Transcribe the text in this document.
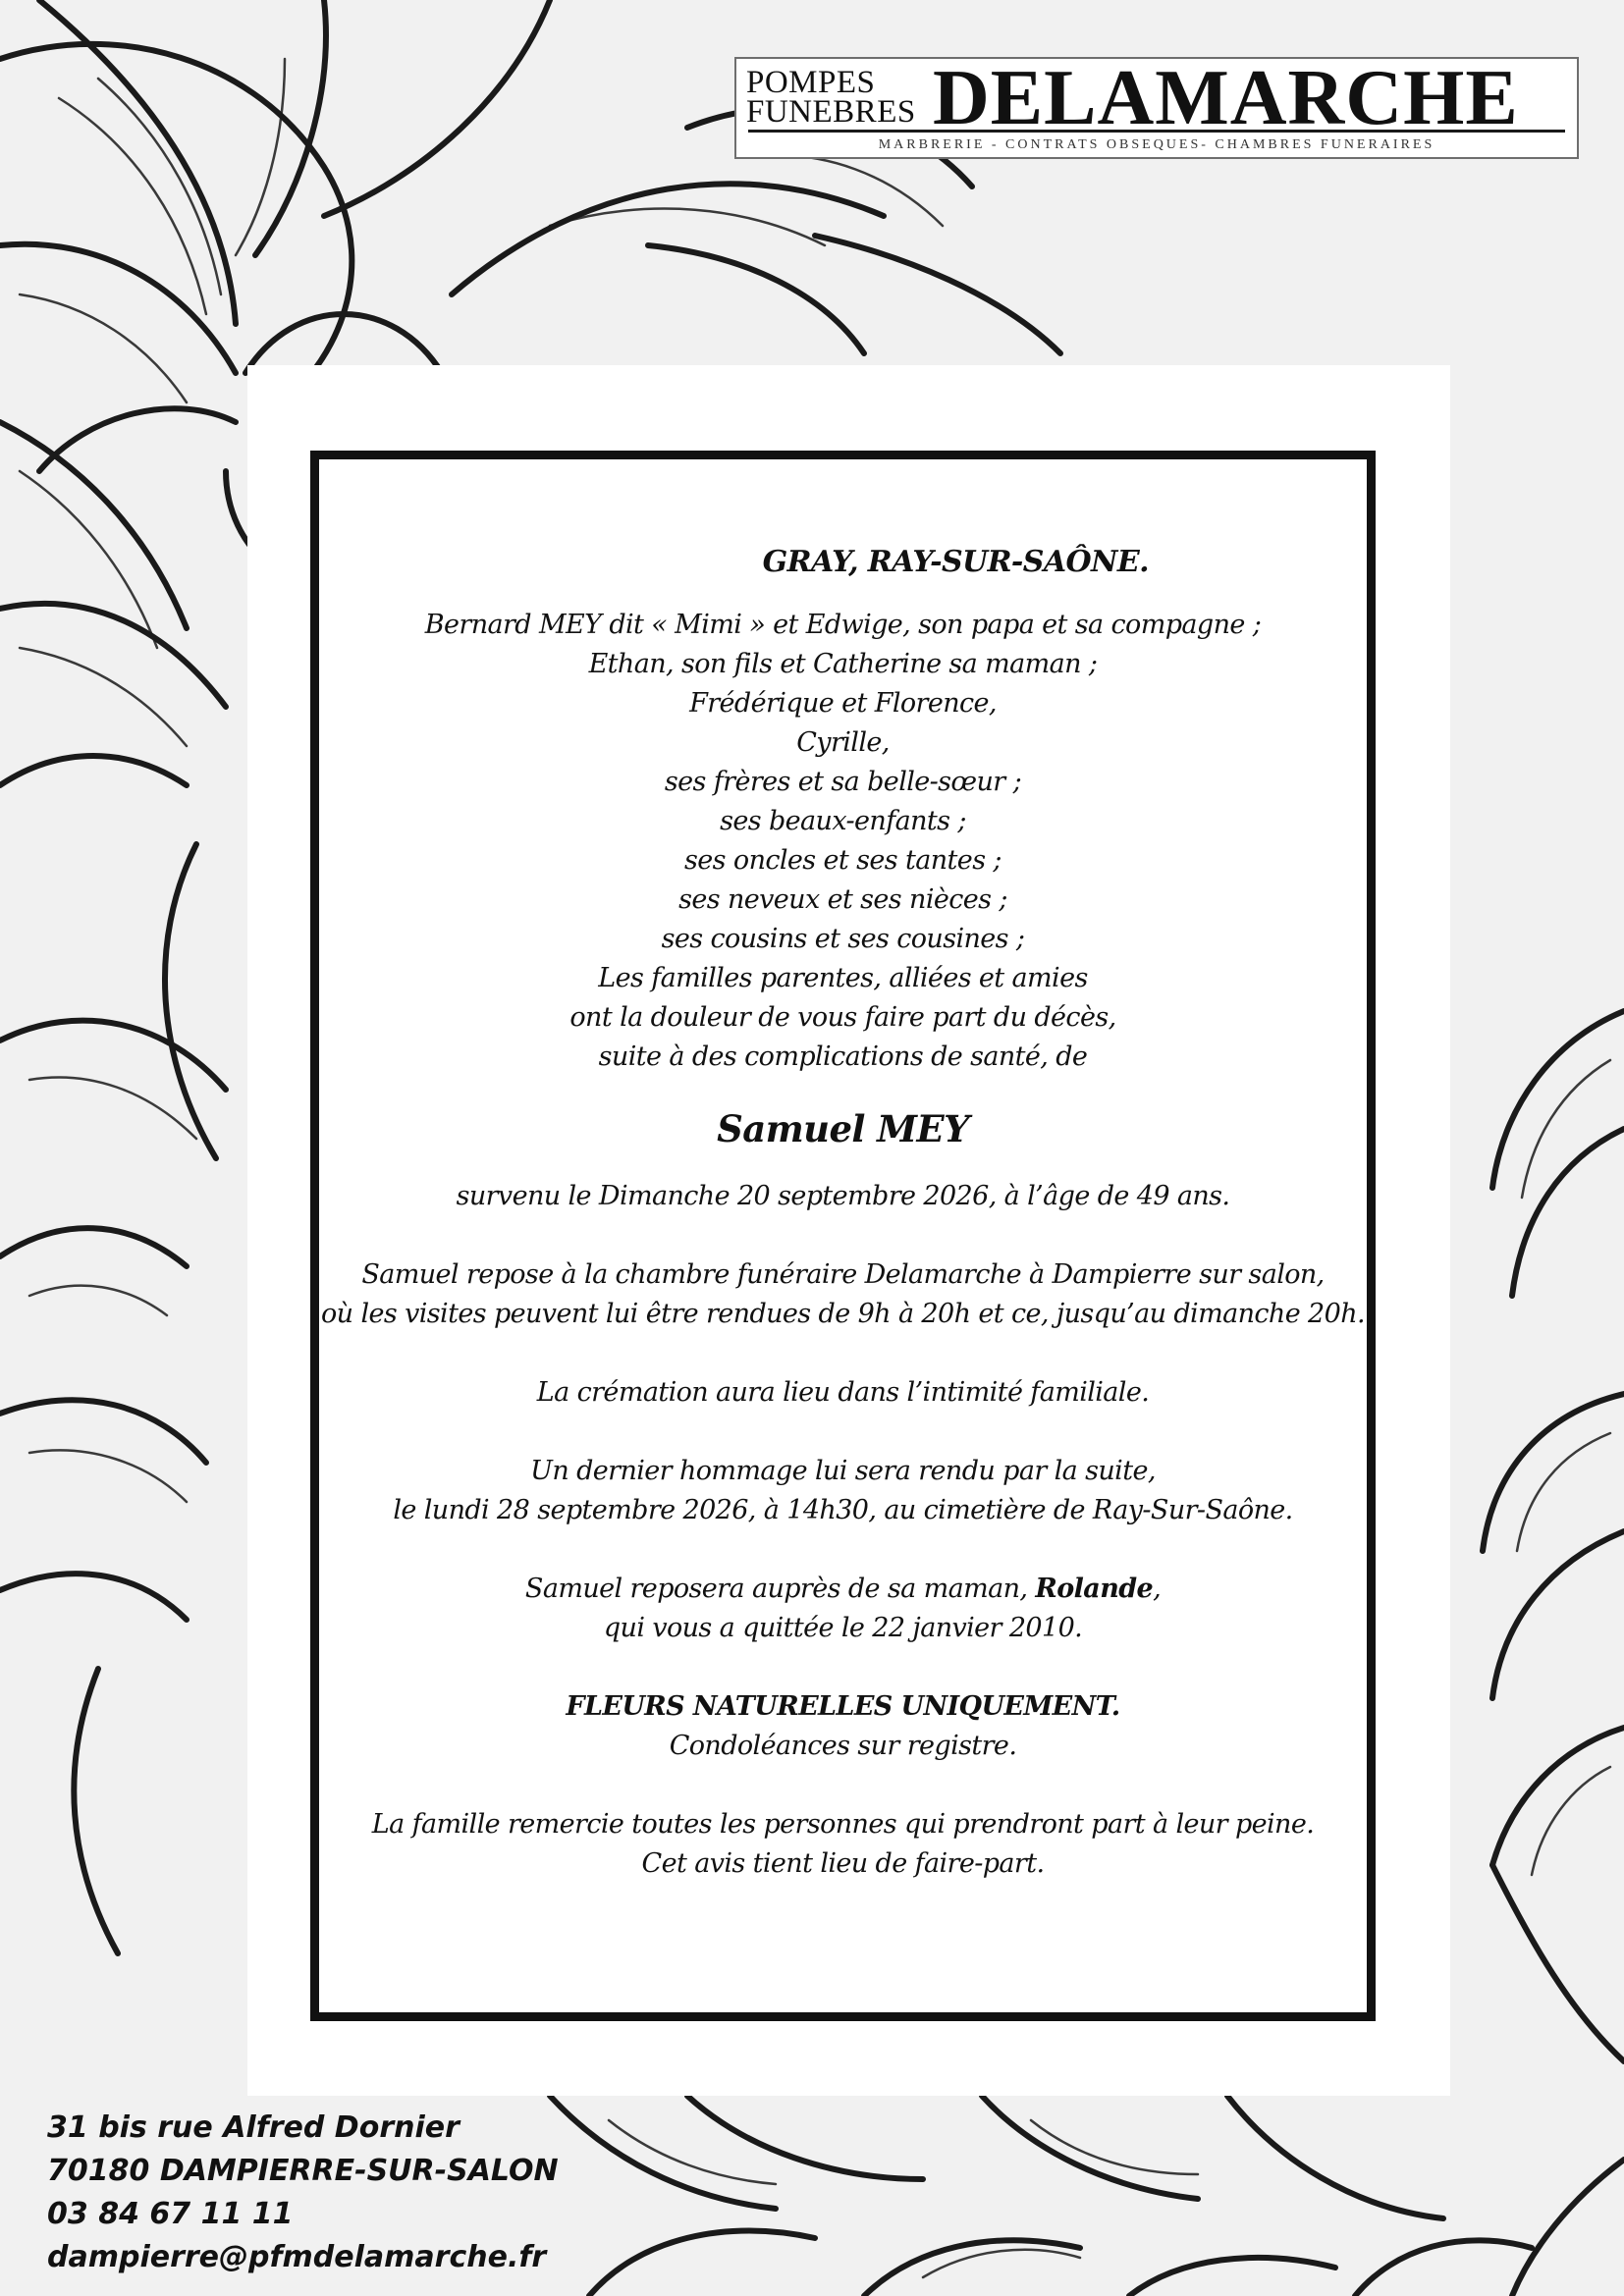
POMPES
FUNEBRES DELAMARCHE
MARBRERIE - CONTRATS OBSEQUES- CHAMBRES FUNERAIRES

GRAY, RAY-SUR-SAÔNE.

Bernard MEY dit « Mimi » et Edwige, son papa et sa compagne ;

Ethan, son fils et Catherine sa maman ;

Frédérique et Florence,

Cyrille,

ses frères et sa belle-sœur ;

ses beaux-enfants ;

ses oncles et ses tantes ;

ses neveux et ses nièces ;

ses cousins et ses cousines ;

Les familles parentes, alliées et amies

ont la douleur de vous faire part du décès,

suite à des complications de santé, de

Samuel MEY

survenu le Dimanche 20 septembre 2026, à l’âge de 49 ans.

Samuel repose à la chambre funéraire Delamarche à Dampierre sur salon,

où les visites peuvent lui être rendues de 9h à 20h et ce, jusqu’au dimanche 20h.

La crémation aura lieu dans l’intimité familiale.

Un dernier hommage lui sera rendu par la suite,

le lundi 28 septembre 2026, à 14h30, au cimetière de Ray-Sur-Saône.

Samuel reposera auprès de sa maman, Rolande,

qui vous a quittée le 22 janvier 2010.

FLEURS NATURELLES UNIQUEMENT.

Condoléances sur registre.

La famille remercie toutes les personnes qui prendront part à leur peine.

Cet avis tient lieu de faire-part.

31 bis rue Alfred Dornier

70180 DAMPIERRE-SUR-SALON

03 84 67 11 11

dampierre@pfmdelamarche.fr
